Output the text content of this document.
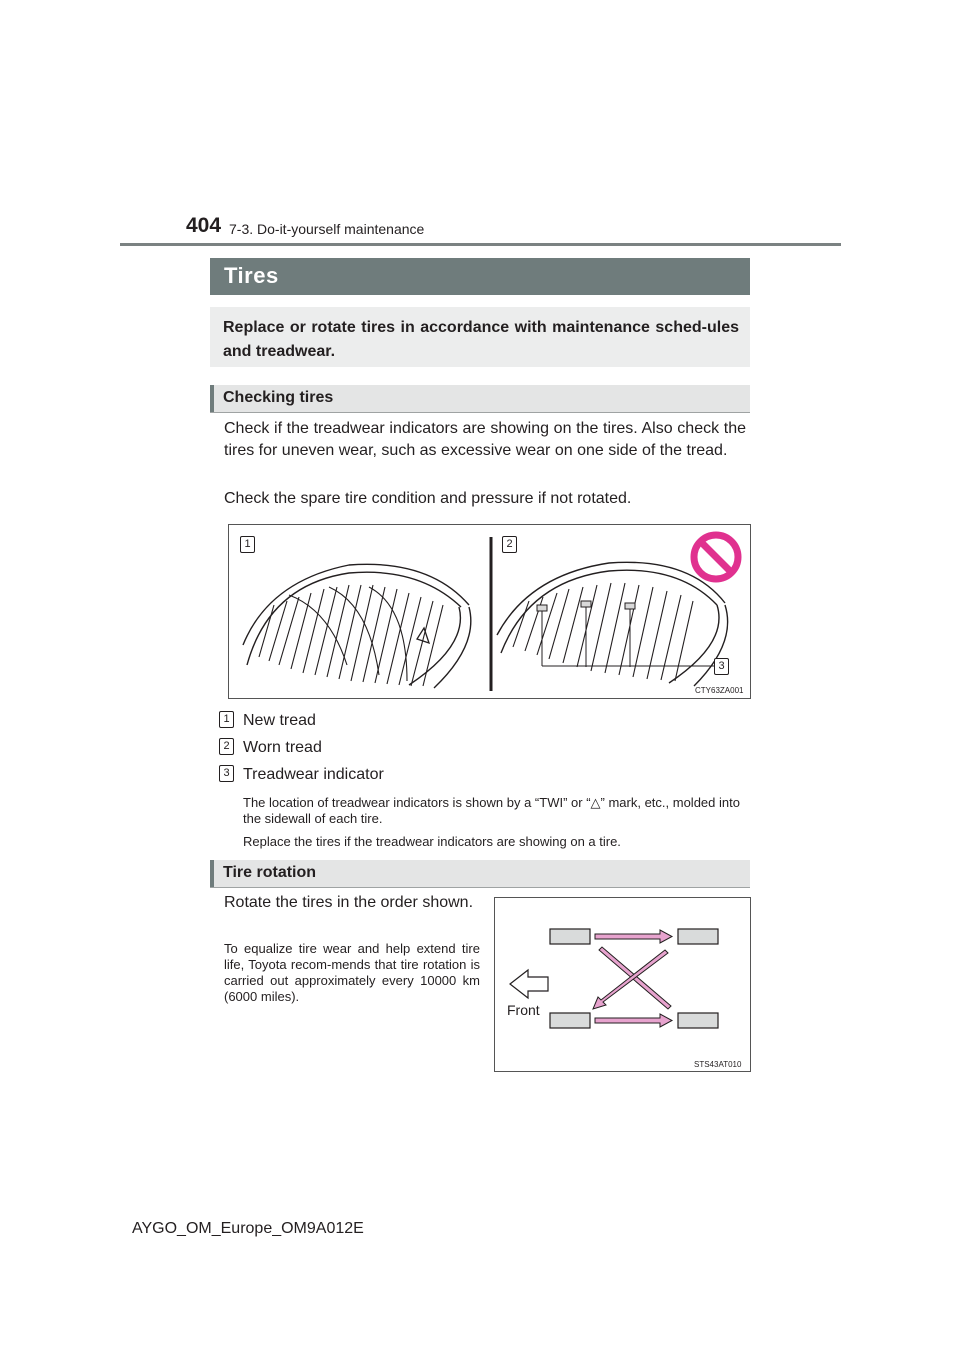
404 7-3. Do-it-yourself maintenance
Tires
Replace or rotate tires in accordance with maintenance sched-ules and treadwear.
Checking tires
Check if the treadwear indicators are showing on the tires. Also check the tires for uneven wear, such as excessive wear on one side of the tread.
Check the spare tire condition and pressure if not rotated.
1	2
3
CTY63ZA001
1 New tread
2 Worn tread
3 Treadwear indicator
The location of treadwear indicators is shown by a “TWI” or “△” mark, etc., molded into the sidewall of each tire.
Replace the tires if the treadwear indicators are showing on a tire.
Tire rotation
Rotate the tires in the order shown.
To equalize tire wear and help extend tire life, Toyota recom-mends that tire rotation is carried out approximately every 10000 km (6000 miles).
Front
STS43AT010
AYGO_OM_Europe_OM9A012E
